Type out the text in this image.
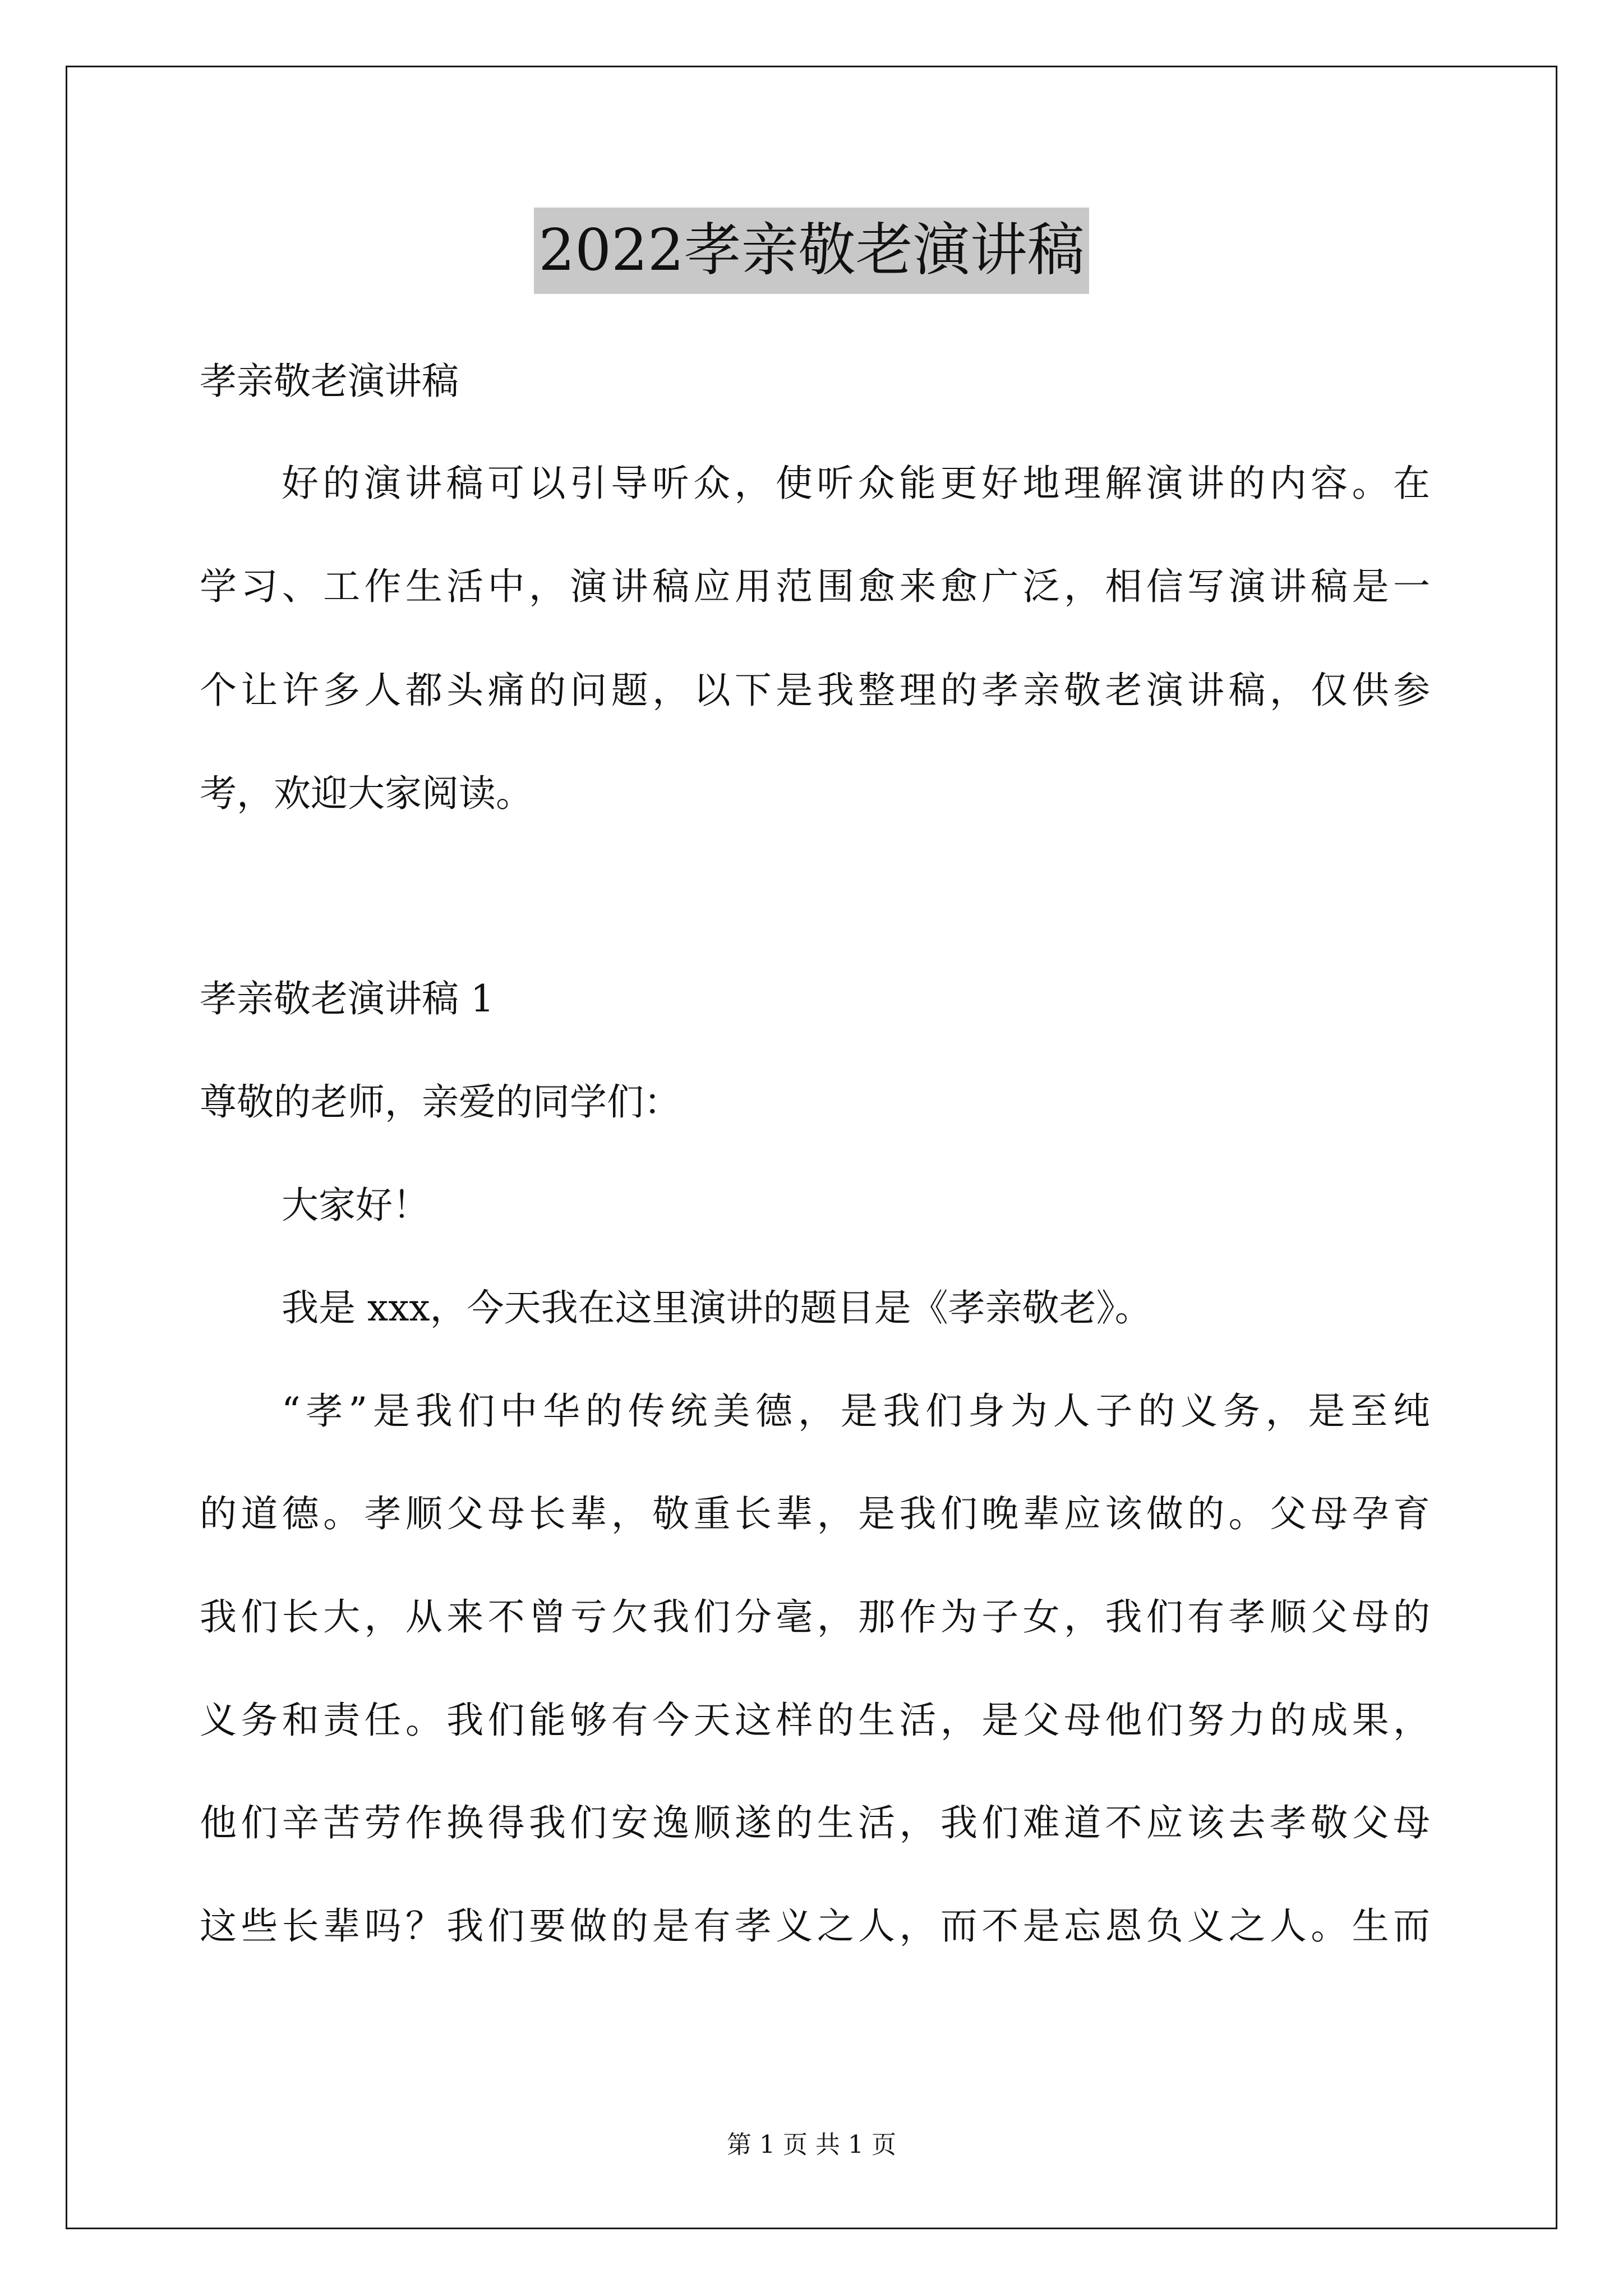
2022孝亲敬老演讲稿
孝亲敬老演讲稿
好的演讲稿可以引导听众，使听众能更好地理解演讲的内容。在
学习、工作生活中，演讲稿应用范围愈来愈广泛，相信写演讲稿是一
个让许多人都头痛的问题，以下是我整理的孝亲敬老演讲稿，仅供参
考，欢迎大家阅读。
孝亲敬老演讲稿 1
尊敬的老师，亲爱的同学们：
大家好！
我是 xxx，今天我在这里演讲的题目是《孝亲敬老》。
“孝”是我们中华的传统美德，是我们身为人子的义务，是至纯
的道德。孝顺父母长辈，敬重长辈，是我们晚辈应该做的。父母孕育
我们长大，从来不曾亏欠我们分毫，那作为子女，我们有孝顺父母的
义务和责任。我们能够有今天这样的生活，是父母他们努力的成果，
他们辛苦劳作换得我们安逸顺遂的生活，我们难道不应该去孝敬父母
这些长辈吗？我们要做的是有孝义之人，而不是忘恩负义之人。生而
第 1 页 共 1 页
